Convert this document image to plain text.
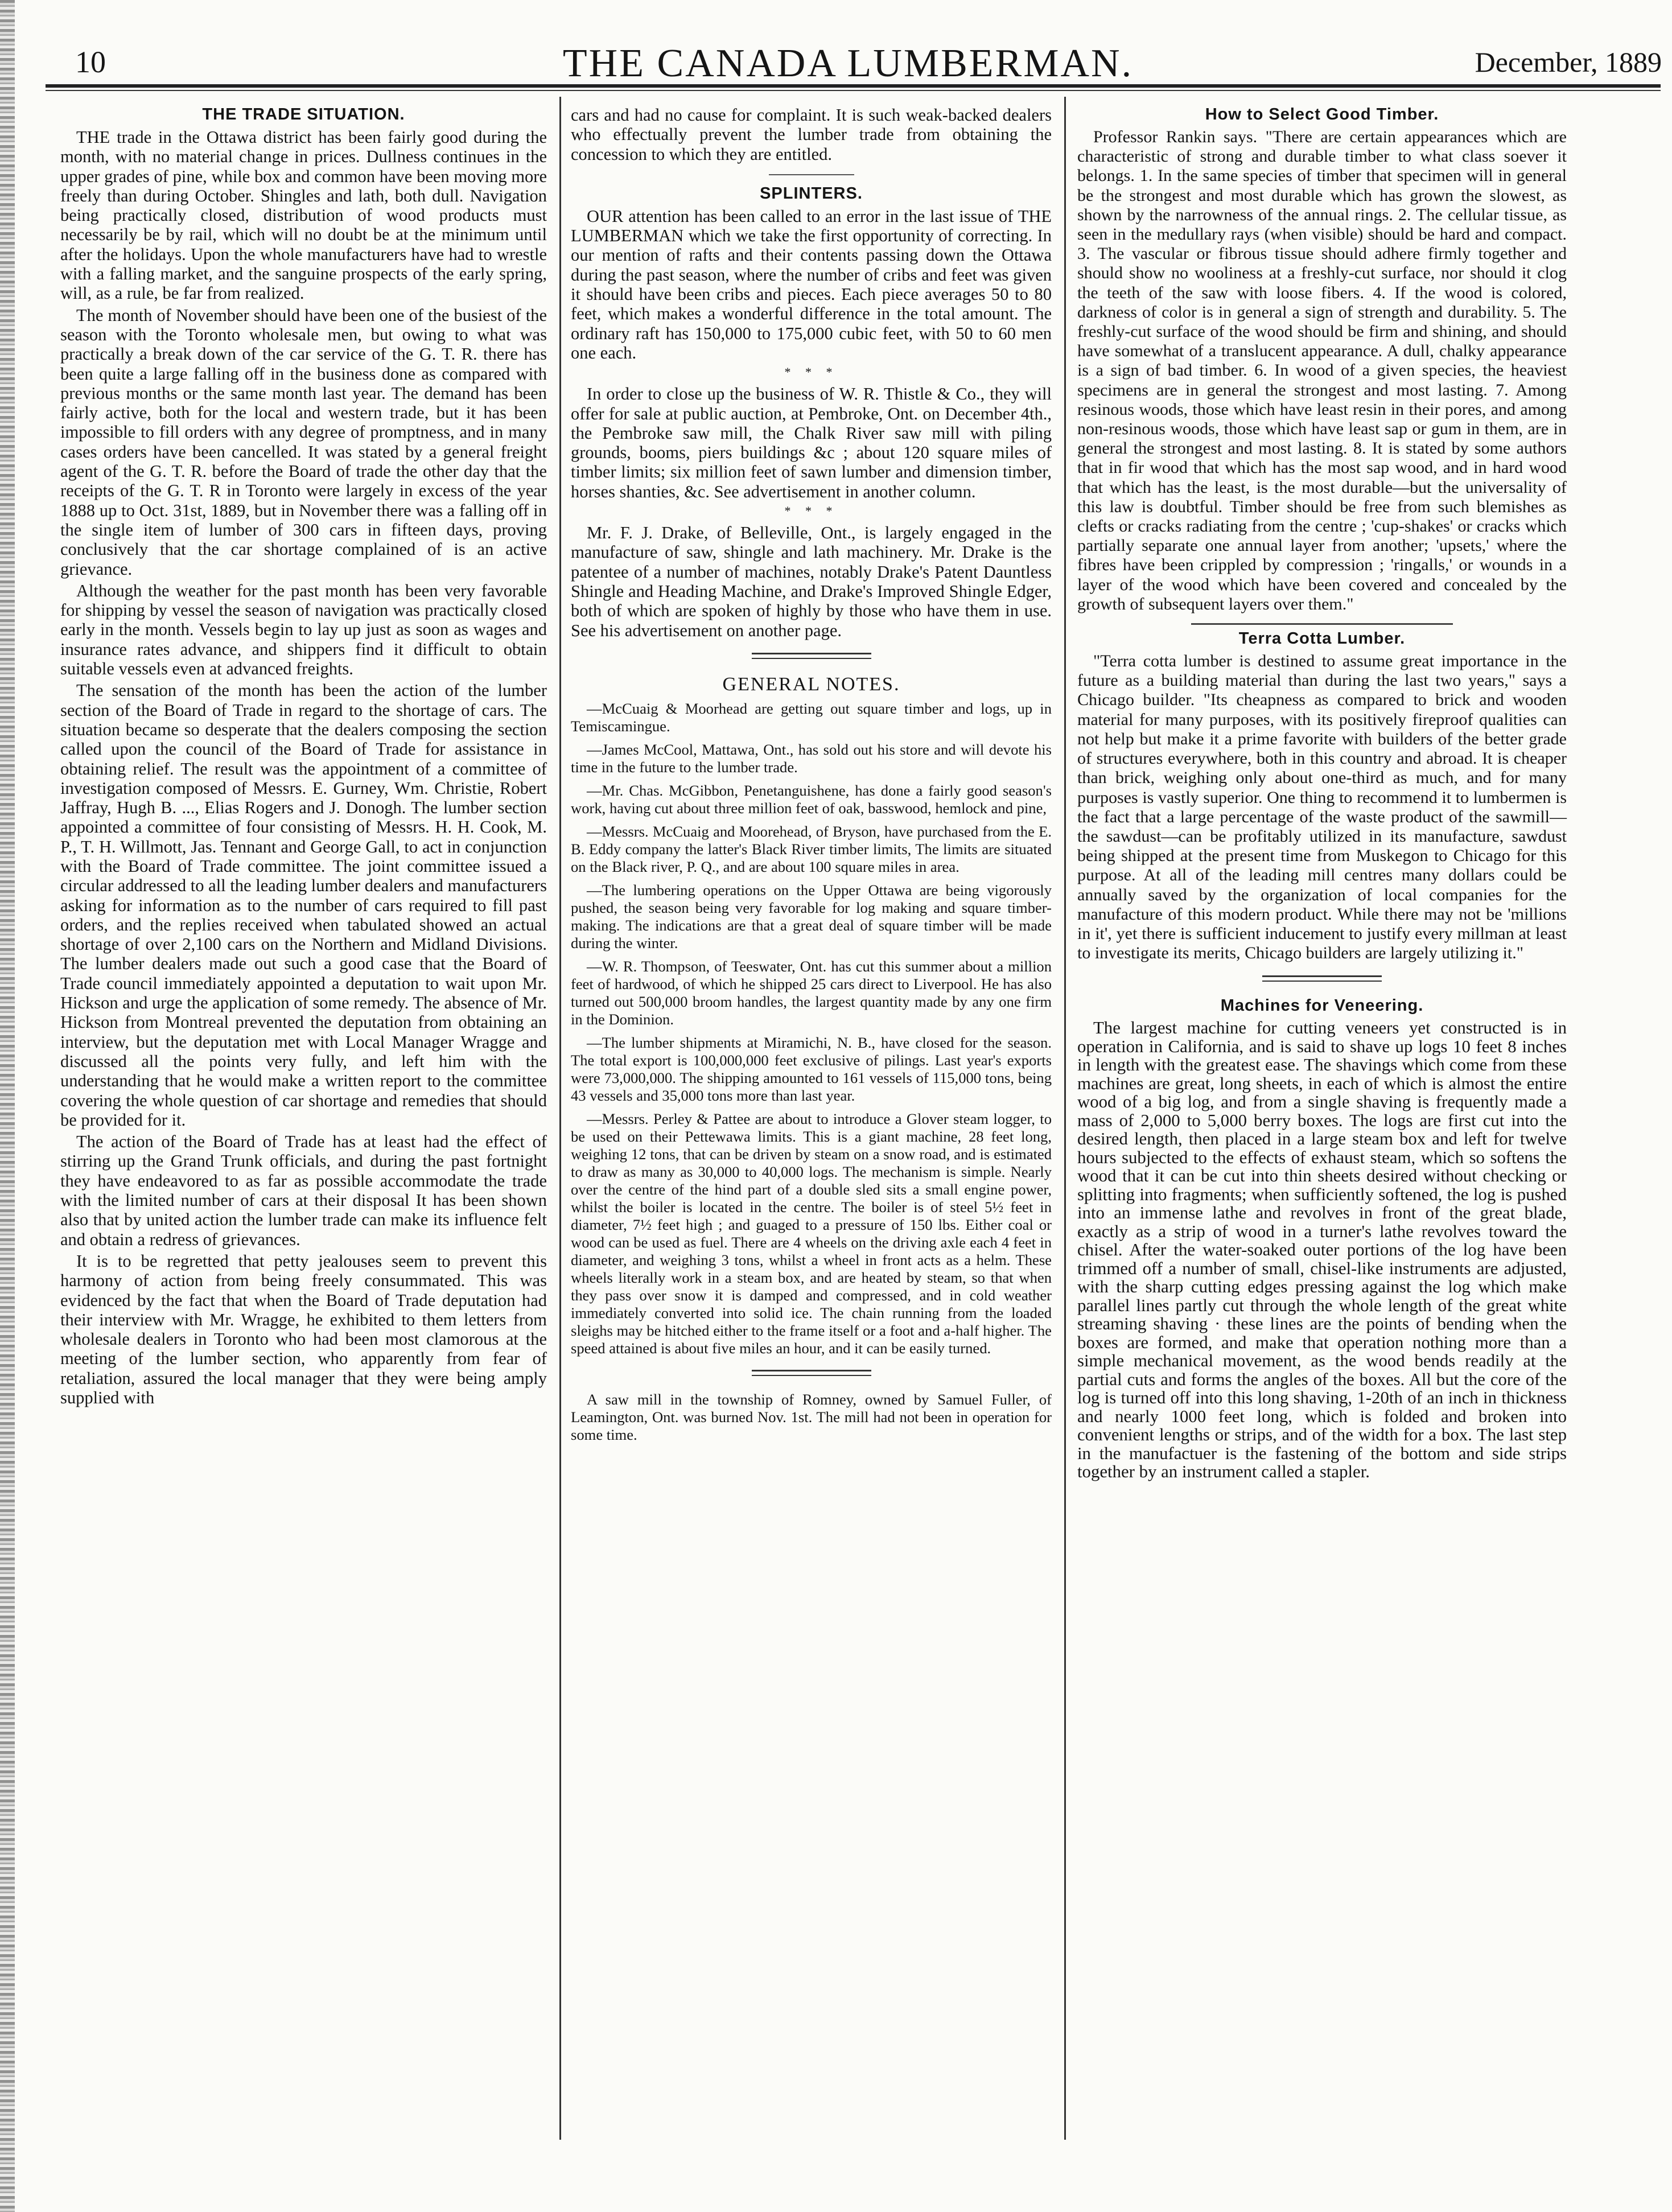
10	THE CANADA LUMBERMAN.	December, 1889
THE TRADE SITUATION.

THE trade in the Ottawa district has been fairly good during the month, with no material change in prices. Dullness continues in the upper grades of pine, while box and common have been moving more freely than during October. Shingles and lath, both dull. Navigation being practically closed, distribution of wood products must necessarily be by rail, which will no doubt be at the minimum until after the holidays. Upon the whole manufacturers have had to wrestle with a falling market, and the sanguine prospects of the early spring, will, as a rule, be far from realized.

The month of November should have been one of the busiest of the season with the Toronto wholesale men, but owing to what was practically a break down of the car service of the G. T. R. there has been quite a large falling off in the business done as compared with previous months or the same month last year. The demand has been fairly active, both for the local and western trade, but it has been impossible to fill orders with any degree of promptness, and in many cases orders have been cancelled. It was stated by a general freight agent of the G. T. R. before the Board of trade the other day that the receipts of the G. T. R in Toronto were largely in excess of the year 1888 up to Oct. 31st, 1889, but in November there was a falling off in the single item of lumber of 300 cars in fifteen days, proving conclusively that the car shortage complained of is an active grievance.

Although the weather for the past month has been very favorable for shipping by vessel the season of navigation was practically closed early in the month. Vessels begin to lay up just as soon as wages and insurance rates advance, and shippers find it difficult to obtain suitable vessels even at advanced freights.

The sensation of the month has been the action of the lumber section of the Board of Trade in regard to the shortage of cars. The situation became so desperate that the dealers composing the section called upon the council of the Board of Trade for assistance in obtaining relief. The result was the appointment of a committee of investigation composed of Messrs. E. Gurney, Wm. Christie, Robert Jaffray, Hugh B. ..., Elias Rogers and J. Donogh. The lumber section appointed a committee of four consisting of Messrs. H. H. Cook, M. P., T. H. Willmott, Jas. Tennant and George Gall, to act in conjunction with the Board of Trade committee. The joint committee issued a circular addressed to all the leading lumber dealers and manufacturers asking for information as to the number of cars required to fill past orders, and the replies received when tabulated showed an actual shortage of over 2,100 cars on the Northern and Midland Divisions. The lumber dealers made out such a good case that the Board of Trade council immediately appointed a deputation to wait upon Mr. Hickson and urge the application of some remedy. The absence of Mr. Hickson from Montreal prevented the deputation from obtaining an interview, but the deputation met with Local Manager Wragge and discussed all the points very fully, and left him with the understanding that he would make a written report to the committee covering the whole question of car shortage and remedies that should be provided for it.

The action of the Board of Trade has at least had the effect of stirring up the Grand Trunk officials, and during the past fortnight they have endeavored to as far as possible accommodate the trade with the limited number of cars at their disposal It has been shown also that by united action the lumber trade can make its influence felt and obtain a redress of grievances.

It is to be regretted that petty jealouses seem to prevent this harmony of action from being freely consummated. This was evidenced by the fact that when the Board of Trade deputation had their interview with Mr. Wragge, he exhibited to them letters from wholesale dealers in Toronto who had been most clamorous at the meeting of the lumber section, who apparently from fear of retaliation, assured the local manager that they were being amply supplied with

cars and had no cause for complaint. It is such weak-backed dealers who effectually prevent the lumber trade from obtaining the concession to which they are entitled.

SPLINTERS.

OUR attention has been called to an error in the last issue of THE LUMBERMAN which we take the first opportunity of correcting. In our mention of rafts and their contents passing down the Ottawa during the past season, where the number of cribs and feet was given it should have been cribs and pieces. Each piece averages 50 to 80 feet, which makes a wonderful difference in the total amount. The ordinary raft has 150,000 to 175,000 cubic feet, with 50 to 60 men one each.

* * *

In order to close up the business of W. R. Thistle & Co., they will offer for sale at public auction, at Pembroke, Ont. on December 4th., the Pembroke saw mill, the Chalk River saw mill with piling grounds, booms, piers buildings &c ; about 120 square miles of timber limits; six million feet of sawn lumber and dimension timber, horses shanties, &c. See advertisement in another column.

* * *

Mr. F. J. Drake, of Belleville, Ont., is largely engaged in the manufacture of saw, shingle and lath machinery. Mr. Drake is the patentee of a number of machines, notably Drake's Patent Dauntless Shingle and Heading Machine, and Drake's Improved Shingle Edger, both of which are spoken of highly by those who have them in use. See his advertisement on another page.

GENERAL NOTES.

—McCuaig & Moorhead are getting out square timber and logs, up in Temiscamingue.

—James McCool, Mattawa, Ont., has sold out his store and will devote his time in the future to the lumber trade.

—Mr. Chas. McGibbon, Penetanguishene, has done a fairly good season's work, having cut about three million feet of oak, basswood, hemlock and pine,

—Messrs. McCuaig and Moorehead, of Bryson, have purchased from the E. B. Eddy company the latter's Black River timber limits, The limits are situated on the Black river, P. Q., and are about 100 square miles in area.

—The lumbering operations on the Upper Ottawa are being vigorously pushed, the season being very favorable for log making and square timber-making. The indications are that a great deal of square timber will be made during the winter.

—W. R. Thompson, of Teeswater, Ont. has cut this summer about a million feet of hardwood, of which he shipped 25 cars direct to Liverpool. He has also turned out 500,000 broom handles, the largest quantity made by any one firm in the Dominion.

—The lumber shipments at Miramichi, N. B., have closed for the season. The total export is 100,000,000 feet exclusive of pilings. Last year's exports were 73,000,000. The shipping amounted to 161 vessels of 115,000 tons, being 43 vessels and 35,000 tons more than last year.

—Messrs. Perley & Pattee are about to introduce a Glover steam logger, to be used on their Pettewawa limits. This is a giant machine, 28 feet long, weighing 12 tons, that can be driven by steam on a snow road, and is estimated to draw as many as 30,000 to 40,000 logs. The mechanism is simple. Nearly over the centre of the hind part of a double sled sits a small engine power, whilst the boiler is located in the centre. The boiler is of steel 5½ feet in diameter, 7½ feet high ; and guaged to a pressure of 150 lbs. Either coal or wood can be used as fuel. There are 4 wheels on the driving axle each 4 feet in diameter, and weighing 3 tons, whilst a wheel in front acts as a helm. These wheels literally work in a steam box, and are heated by steam, so that when they pass over snow it is damped and compressed, and in cold weather immediately converted into solid ice. The chain running from the loaded sleighs may be hitched either to the frame itself or a foot and a-half higher. The speed attained is about five miles an hour, and it can be easily turned.

A saw mill in the township of Romney, owned by Samuel Fuller, of Leamington, Ont. was burned Nov. 1st. The mill had not been in operation for some time.

How to Select Good Timber.

Professor Rankin says. "There are certain appearances which are characteristic of strong and durable timber to what class soever it belongs. 1. In the same species of timber that specimen will in general be the strongest and most durable which has grown the slowest, as shown by the narrowness of the annual rings. 2. The cellular tissue, as seen in the medullary rays (when visible) should be hard and compact. 3. The vascular or fibrous tissue should adhere firmly together and should show no wooliness at a freshly-cut surface, nor should it clog the teeth of the saw with loose fibers. 4. If the wood is colored, darkness of color is in general a sign of strength and durability. 5. The freshly-cut surface of the wood should be firm and shining, and should have somewhat of a translucent appearance. A dull, chalky appearance is a sign of bad timber. 6. In wood of a given species, the heaviest specimens are in general the strongest and most lasting. 7. Among resinous woods, those which have least resin in their pores, and among non-resinous woods, those which have least sap or gum in them, are in general the strongest and most lasting. 8. It is stated by some authors that in fir wood that which has the most sap wood, and in hard wood that which has the least, is the most durable—but the universality of this law is doubtful. Timber should be free from such blemishes as clefts or cracks radiating from the centre ; 'cup-shakes' or cracks which partially separate one annual layer from another; 'upsets,' where the fibres have been crippled by compression ; 'ringalls,' or wounds in a layer of the wood which have been covered and concealed by the growth of subsequent layers over them."

Terra Cotta Lumber.

"Terra cotta lumber is destined to assume great importance in the future as a building material than during the last two years," says a Chicago builder. "Its cheapness as compared to brick and wooden material for many purposes, with its positively fireproof qualities can not help but make it a prime favorite with builders of the better grade of structures everywhere, both in this country and abroad. It is cheaper than brick, weighing only about one-third as much, and for many purposes is vastly superior. One thing to recommend it to lumbermen is the fact that a large percentage of the waste product of the sawmill—the sawdust—can be profitably utilized in its manufacture, sawdust being shipped at the present time from Muskegon to Chicago for this purpose. At all of the leading mill centres many dollars could be annually saved by the organization of local companies for the manufacture of this modern product. While there may not be 'millions in it', yet there is sufficient inducement to justify every millman at least to investigate its merits, Chicago builders are largely utilizing it."

Machines for Veneering.

The largest machine for cutting veneers yet constructed is in operation in California, and is said to shave up logs 10 feet 8 inches in length with the greatest ease. The shavings which come from these machines are great, long sheets, in each of which is almost the entire wood of a big log, and from a single shaving is frequently made a mass of 2,000 to 5,000 berry boxes. The logs are first cut into the desired length, then placed in a large steam box and left for twelve hours subjected to the effects of exhaust steam, which so softens the wood that it can be cut into thin sheets desired without checking or splitting into fragments; when sufficiently softened, the log is pushed into an immense lathe and revolves in front of the great blade, exactly as a strip of wood in a turner's lathe revolves toward the chisel. After the water-soaked outer portions of the log have been trimmed off a number of small, chisel-like instruments are adjusted, with the sharp cutting edges pressing against the log which make parallel lines partly cut through the whole length of the great white streaming shaving · these lines are the points of bending when the boxes are formed, and make that operation nothing more than a simple mechanical movement, as the wood bends readily at the partial cuts and forms the angles of the boxes. All but the core of the log is turned off into this long shaving, 1-20th of an inch in thickness and nearly 1000 feet long, which is folded and broken into convenient lengths or strips, and of the width for a box. The last step in the manufactuer is the fastening of the bottom and side strips together by an instrument called a stapler.
